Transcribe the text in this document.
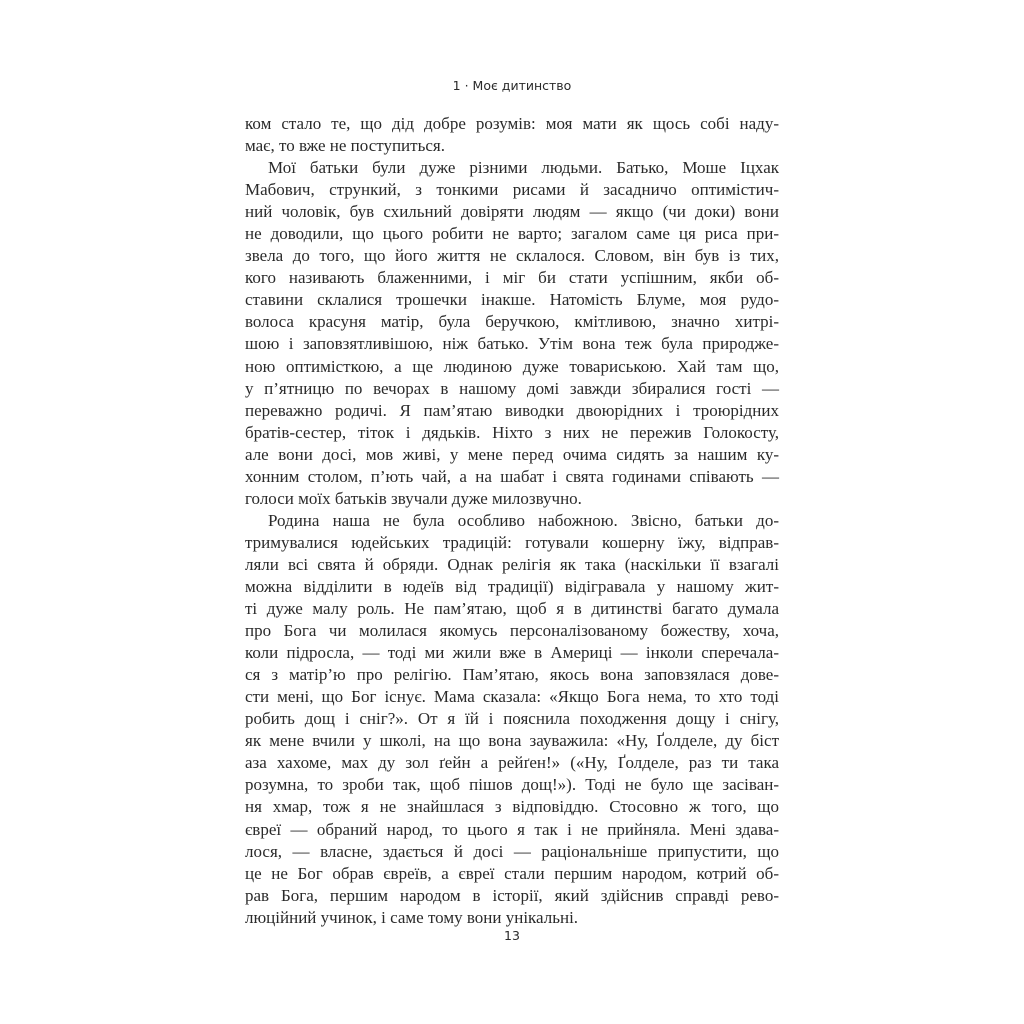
1 · Моє дитинство
ком стало те, що дід добре розумів: моя мати як щось собі наду-
має, то вже не поступиться.
Мої батьки були дуже різними людьми. Батько, Моше Іцхак
Мабович, стрункий, з тонкими рисами й засадничо оптимістич-
ний чоловік, був схильний довіряти людям — якщо (чи доки) вони
не доводили, що цього робити не варто; загалом саме ця риса при-
звела до того, що його життя не склалося. Словом, він був із тих,
кого називають блаженними, і міг би стати успішним, якби об-
ставини склалися трошечки інакше. Натомість Блуме, моя рудо-
волоса красуня матір, була беручкою, кмітливою, значно хитрі-
шою і заповзятливішою, ніж батько. Утім вона теж була природже-
ною оптимісткою, а ще людиною дуже товариською. Хай там що,
у п’ятницю по вечорах в нашому домі завжди збиралися гості —
переважно родичі. Я пам’ятаю виводки двоюрідних і троюрідних
братів-сестер, тіток і дядьків. Ніхто з них не пережив Голокосту,
але вони досі, мов живі, у мене перед очима сидять за нашим ку-
хонним столом, п’ють чай, а на шабат і свята годинами співають —
голоси моїх батьків звучали дуже милозвучно.
Родина наша не була особливо набожною. Звісно, батьки до-
тримувалися юдейських традицій: готували кошерну їжу, відправ-
ляли всі свята й обряди. Однак релігія як така (наскільки її взагалі
можна відділити в юдеїв від традиції) відігравала у нашому жит-
ті дуже малу роль. Не пам’ятаю, щоб я в дитинстві багато думала
про Бога чи молилася якомусь персоналізованому божеству, хоча,
коли підросла, — тоді ми жили вже в Америці — інколи сперечала-
ся з матір’ю про релігію. Пам’ятаю, якось вона заповзялася дове-
сти мені, що Бог існує. Мама сказала: «Якщо Бога нема, то хто тоді
робить дощ і сніг?». От я їй і пояснила походження дощу і снігу,
як мене вчили у школі, на що вона зауважила: «Ну, Ґолделе, ду біст
аза хахоме, мах ду зол ґейн а рейґен!» («Ну, Ґолделе, раз ти така
розумна, то зроби так, щоб пішов дощ!»). Тоді не було ще засіван-
ня хмар, тож я не знайшлася з відповіддю. Стосовно ж того, що
євреї — обраний народ, то цього я так і не прийняла. Мені здава-
лося, — власне, здається й досі — раціональніше припустити, що
це не Бог обрав євреїв, а євреї стали першим народом, котрий об-
рав Бога, першим народом в історії, який здійснив справді рево-
люційний учинок, і саме тому вони унікальні.
13
